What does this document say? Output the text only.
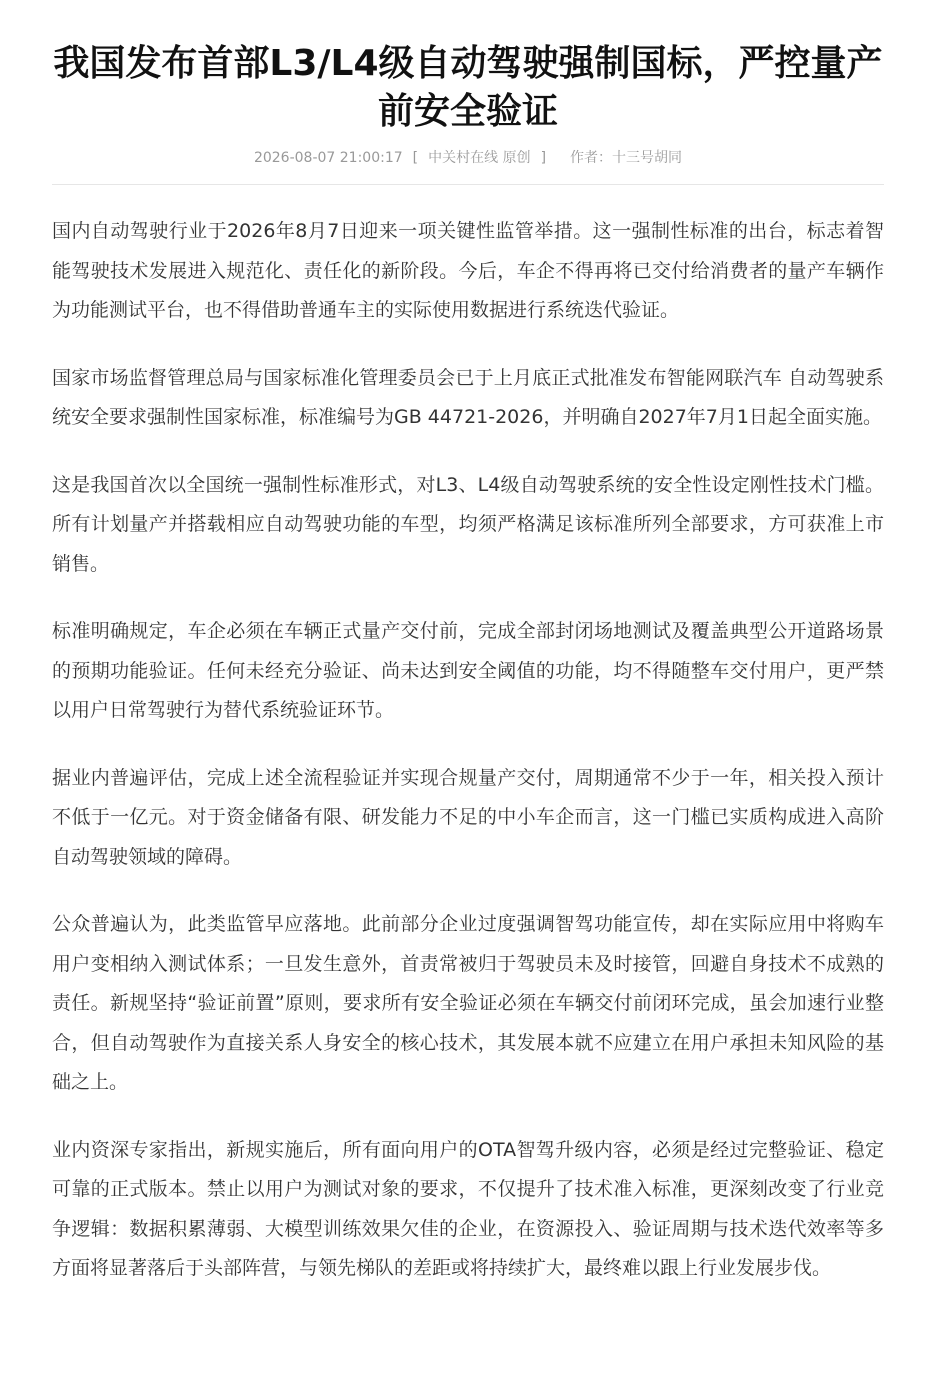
我国发布首部L3/L4级自动驾驶强制国标，严控量产前安全验证
2026-08-07 21:00:17 [ 中关村在线 原创 ] 作者：十三号胡同

国内自动驾驶行业于2026年8月7日迎来一项关键性监管举措。这一强制性标准的出台，标志着智能驾驶技术发展进入规范化、责任化的新阶段。今后，车企不得再将已交付给消费者的量产车辆作为功能测试平台，也不得借助普通车主的实际使用数据进行系统迭代验证。

国家市场监督管理总局与国家标准化管理委员会已于上月底正式批准发布智能网联汽车 自动驾驶系统安全要求强制性国家标准，标准编号为GB 44721-2026，并明确自2027年7月1日起全面实施。

这是我国首次以全国统一强制性标准形式，对L3、L4级自动驾驶系统的安全性设定刚性技术门槛。所有计划量产并搭载相应自动驾驶功能的车型，均须严格满足该标准所列全部要求，方可获准上市销售。

标准明确规定，车企必须在车辆正式量产交付前，完成全部封闭场地测试及覆盖典型公开道路场景的预期功能验证。任何未经充分验证、尚未达到安全阈值的功能，均不得随整车交付用户，更严禁以用户日常驾驶行为替代系统验证环节。

据业内普遍评估，完成上述全流程验证并实现合规量产交付，周期通常不少于一年，相关投入预计不低于一亿元。对于资金储备有限、研发能力不足的中小车企而言，这一门槛已实质构成进入高阶自动驾驶领域的障碍。

公众普遍认为，此类监管早应落地。此前部分企业过度强调智驾功能宣传，却在实际应用中将购车用户变相纳入测试体系；一旦发生意外，首责常被归于驾驶员未及时接管，回避自身技术不成熟的责任。新规坚持“验证前置”原则，要求所有安全验证必须在车辆交付前闭环完成，虽会加速行业整合，但自动驾驶作为直接关系人身安全的核心技术，其发展本就不应建立在用户承担未知风险的基础之上。

业内资深专家指出，新规实施后，所有面向用户的OTA智驾升级内容，必须是经过完整验证、稳定可靠的正式版本。禁止以用户为测试对象的要求，不仅提升了技术准入标准，更深刻改变了行业竞争逻辑：数据积累薄弱、大模型训练效果欠佳的企业，在资源投入、验证周期与技术迭代效率等多方面将显著落后于头部阵营，与领先梯队的差距或将持续扩大，最终难以跟上行业发展步伐。
